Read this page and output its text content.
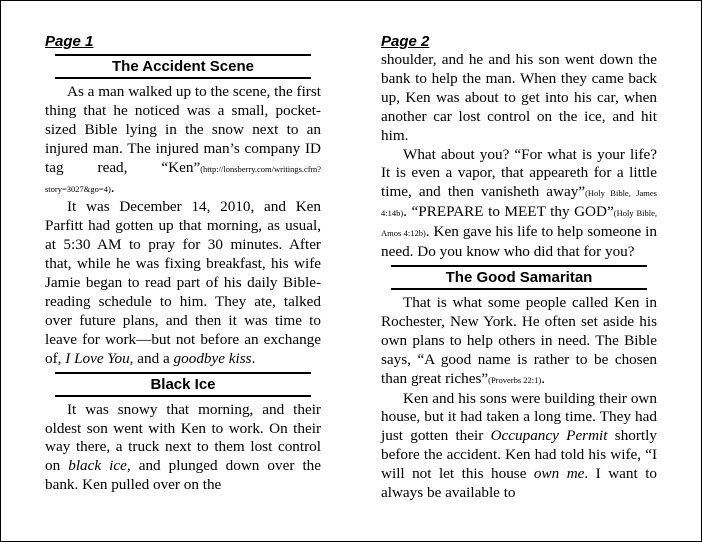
Page 1
The Accident Scene

As a man walked up to the scene, the first thing that he noticed was a small, pocket-sized Bible lying in the snow next to an injured man. The injured man’s company ID tag read, “Ken”(http://lonsberry.com/writings.cfm?story=3027&go=4).

It was December 14, 2010, and Ken Parfitt had gotten up that morning, as usual, at 5:30 AM to pray for 30 minutes. After that, while he was fixing breakfast, his wife Jamie began to read part of his daily Bible-reading schedule to him. They ate, talked over future plans, and then it was time to leave for work—but not before an exchange of, I Love You, and a goodbye kiss.

Black Ice

It was snowy that morning, and their oldest son went with Ken to work. On their way there, a truck next to them lost control on black ice, and plunged down over the bank. Ken pulled over on the

Page 2

shoulder, and he and his son went down the bank to help the man. When they came back up, Ken was about to get into his car, when another car lost control on the ice, and hit him.

What about you? “For what is your life? It is even a vapor, that appeareth for a little time, and then vanisheth away”(Holy Bible, James 4:14b). “PREPARE to MEET thy GOD”(Holy Bible, Amos 4:12b). Ken gave his life to help someone in need. Do you know who did that for you?

The Good Samaritan

That is what some people called Ken in Rochester, New York. He often set aside his own plans to help others in need. The Bible says, “A good name is rather to be chosen than great riches”(Proverbs 22:1).

Ken and his sons were building their own house, but it had taken a long time. They had just gotten their Occupancy Permit shortly before the accident. Ken had told his wife, “I will not let this house own me. I want to always be available to
